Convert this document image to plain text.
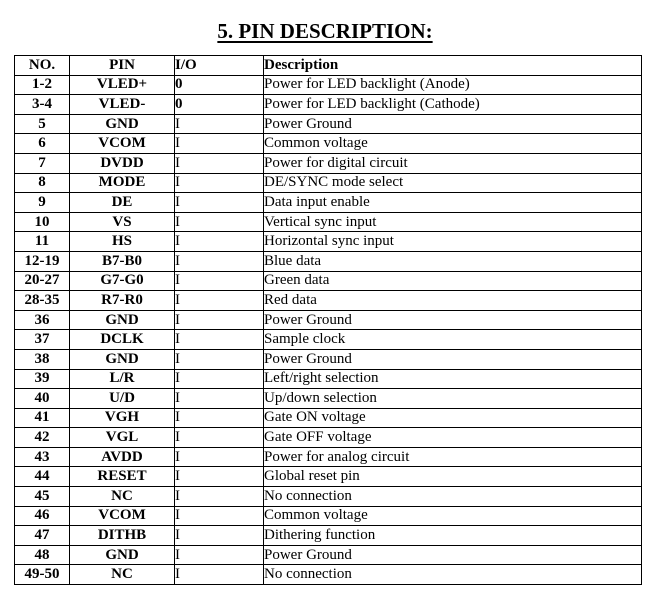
5. PIN DESCRIPTION:
NO.	PIN	I/O	Description
1-2	VLED+	0	Power for LED backlight (Anode)
3-4	VLED-	0	Power for LED backlight (Cathode)
5	GND	I	Power Ground
6	VCOM	I	Common voltage
7	DVDD	I	Power for digital circuit
8	MODE	I	DE/SYNC mode select
9	DE	I	Data input enable
10	VS	I	Vertical sync input
11	HS	I	Horizontal sync input
12-19	B7-B0	I	Blue data
20-27	G7-G0	I	Green data
28-35	R7-R0	I	Red data
36	GND	I	Power Ground
37	DCLK	I	Sample clock
38	GND	I	Power Ground
39	L/R	I	Left/right selection
40	U/D	I	Up/down selection
41	VGH	I	Gate ON voltage
42	VGL	I	Gate OFF voltage
43	AVDD	I	Power for analog circuit
44	RESET	I	Global reset pin
45	NC	I	No connection
46	VCOM	I	Common voltage
47	DITHB	I	Dithering function
48	GND	I	Power Ground
49-50	NC	I	No connection
